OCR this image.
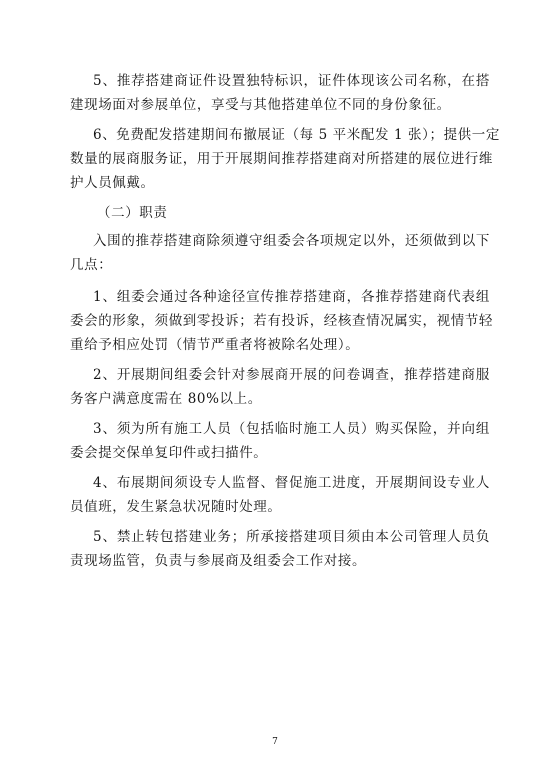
5、推荐搭建商证件设置独特标识，证件体现该公司名称，在搭
建现场面对参展单位，享受与其他搭建单位不同的身份象征。
6、免费配发搭建期间布撤展证（每 5 平米配发 1 张）；提供一定
数量的展商服务证，用于开展期间推荐搭建商对所搭建的展位进行维
护人员佩戴。
（二）职责
入围的推荐搭建商除须遵守组委会各项规定以外，还须做到以下
几点：
1、组委会通过各种途径宣传推荐搭建商，各推荐搭建商代表组
委会的形象，须做到零投诉；若有投诉，经核查情况属实，视情节轻
重给予相应处罚（情节严重者将被除名处理）。
2、开展期间组委会针对参展商开展的问卷调查，推荐搭建商服
务客户满意度需在 80%以上。
3、须为所有施工人员（包括临时施工人员）购买保险，并向组
委会提交保单复印件或扫描件。
4、布展期间须设专人监督、督促施工进度，开展期间设专业人
员值班，发生紧急状况随时处理。
5、禁止转包搭建业务；所承接搭建项目须由本公司管理人员负
责现场监管，负责与参展商及组委会工作对接。
7
